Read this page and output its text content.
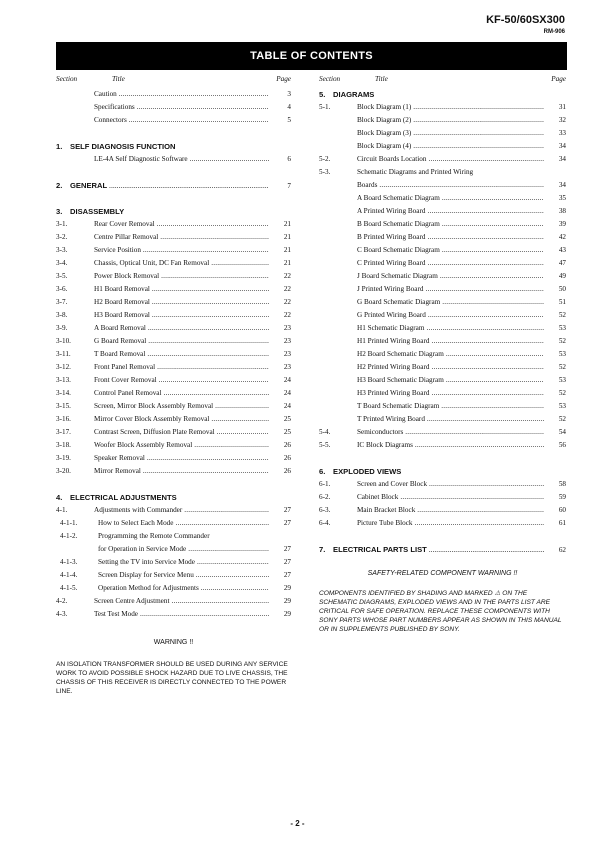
KF-50/60SX300
RM-906
TABLE OF CONTENTS
Section	Title	Page
Caution .....	3
Specifications .....	4
Connectors .....	5
1.	SELF DIAGNOSIS FUNCTION
LE-4A Self Diagnostic Software .....	6
2.	GENERAL .....	7
3.	DISASSEMBLY
3-1.	Rear Cover Removal .....	21
3-2.	Centre Pillar Removal .....	21
3-3.	Service Position .....	21
3-4.	Chassis, Optical Unit, DC Fan Removal .....	21
3-5.	Power Block Removal .....	22
3-6.	H1 Board Removal .....	22
3-7.	H2 Board Removal .....	22
3-8.	H3 Board Removal .....	22
3-9.	A Board Removal .....	23
3-10.	G Board Removal .....	23
3-11.	T Board Removal .....	23
3-12.	Front Panel Removal .....	23
3-13.	Front Cover Removal .....	24
3-14.	Control Panel Removal .....	24
3-15.	Screen, Mirror Block Assembly Removal .....	24
3-16.	Mirror Cover Block Assembly Removal .....	25
3-17.	Contrast Screen, Diffusion Plate Removal .....	25
3-18.	Woofer Block Assembly Removal .....	26
3-19.	Speaker Removal .....	26
3-20.	Mirror Removal .....	26
4.	ELECTRICAL ADJUSTMENTS
4-1.	Adjustments with Commander .....	27
4-1-1.	How to Select Each Mode .....	27
4-1-2.	Programming the Remote Commander
for Operation in Service Mode .....	27
4-1-3.	Setting the TV into Service Mode .....	27
4-1-4.	Screen Display for Service Menu .....	27
4-1-5.	Operation Method for Adjustments .....	29
4-2.	Screen Centre Adjustment .....	29
4-3.	Test Test Mode .....	29
WARNING !!
AN ISOLATION TRANSFORMER SHOULD BE USED DURING ANY SERVICE WORK TO AVOID POSSIBLE SHOCK HAZARD DUE TO LIVE CHASSIS, THE CHASSIS OF THIS RECEIVER IS DIRECTLY CONNECTED TO THE POWER LINE.
Section	Title	Page
5.	DIAGRAMS
5-1.	Block Diagram (1) .....	31
Block Diagram (2) .....	32
Block Diagram (3) .....	33
Block Diagram (4) .....	34
5-2.	Circuit Boards Location .....	34
5-3.	Schematic Diagrams and Printed Wiring
Boards .....	34
A Board Schematic Diagram .....	35
A Printed Wiring Board .....	38
B Board Schematic Diagram .....	39
B Printed Wiring Board .....	42
C Board Schematic Diagram .....	43
C Printed Wiring Board .....	47
J Board Schematic Diagram .....	49
J Printed Wiring Board .....	50
G Board Schematic Diagram .....	51
G Printed Wiring Board .....	52
H1 Schematic Diagram .....	53
H1 Printed Wiring Board .....	52
H2 Board Schematic Diagram .....	53
H2 Printed Wiring Board .....	52
H3 Board Schematic Diagram .....	53
H3 Printed Wiring Board .....	52
T Board Schematic Diagram .....	53
T Printed Wiring Board .....	52
5-4.	Semiconductors .....	54
5-5.	IC Block Diagrams .....	56
6.	EXPLODED VIEWS
6-1.	Screen and Cover Block .....	58
6-2.	Cabinet Block .....	59
6-3.	Main Bracket Block .....	60
6-4.	Picture Tube Block .....	61
7.	ELECTRICAL PARTS LIST .....	62
SAFETY-RELATED COMPONENT WARNING !!
COMPONENTS IDENTIFIED BY SHADING AND MARKED ⚠ ON THE SCHEMATIC DIAGRAMS, EXPLODED VIEWS AND IN THE PARTS LIST ARE CRITICAL FOR SAFE OPERATION. REPLACE THESE COMPONENTS WITH SONY PARTS WHOSE PART NUMBERS APPEAR AS SHOWN IN THIS MANUAL OR IN SUPPLEMENTS PUBLISHED BY SONY.
- 2 -
